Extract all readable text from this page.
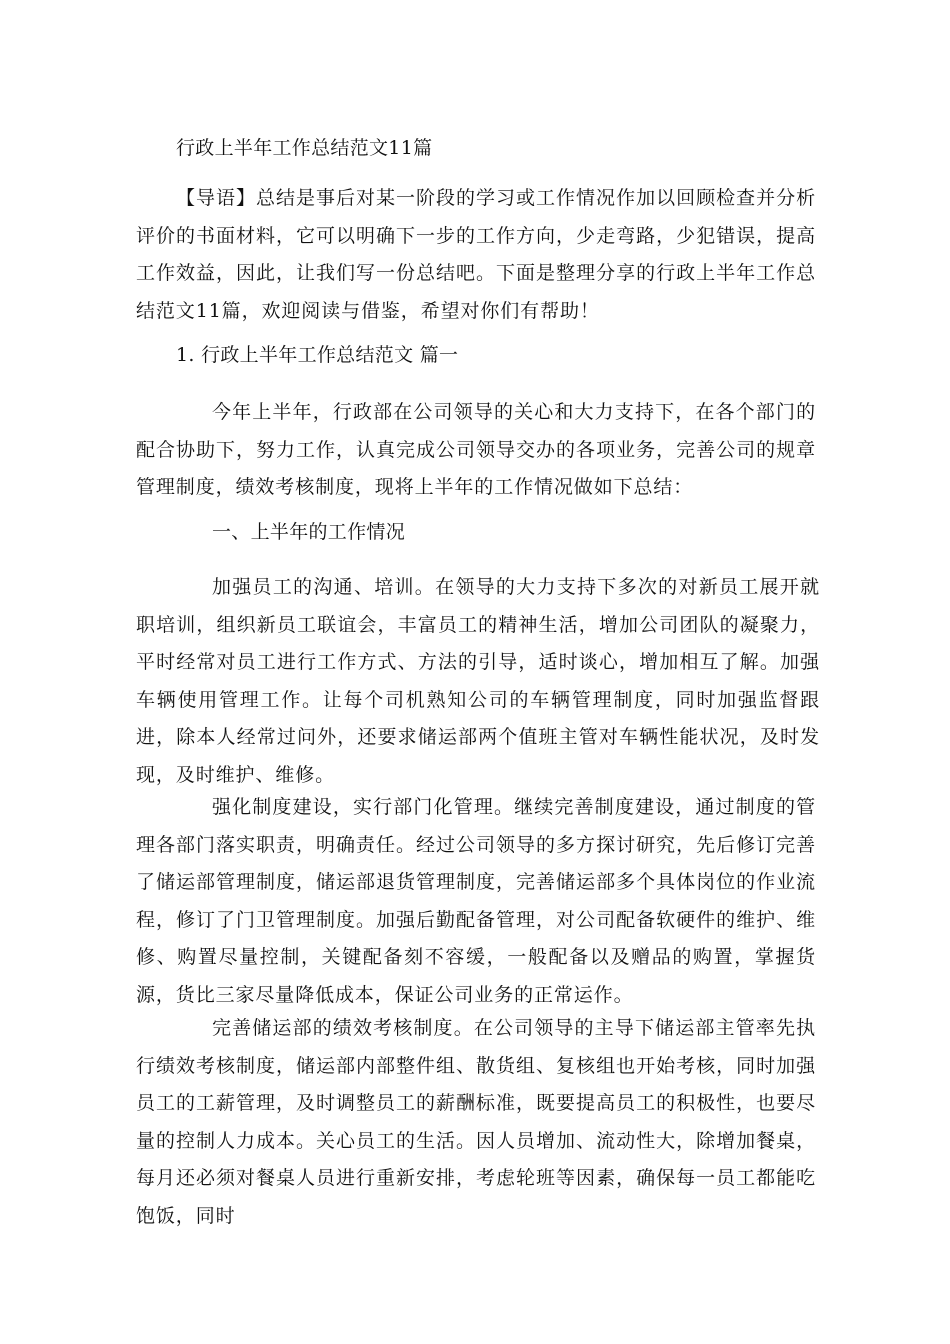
行政上半年工作总结范文11篇

【导语】总结是事后对某一阶段的学习或工作情况作加以回顾检查并分析评价的书面材料，它可以明确下一步的工作方向，少走弯路，少犯错误，提高工作效益，因此，让我们写一份总结吧。下面是整理分享的行政上半年工作总结范文11篇，欢迎阅读与借鉴，希望对你们有帮助！

1. 行政上半年工作总结范文 篇一

今年上半年，行政部在公司领导的关心和大力支持下，在各个部门的配合协助下，努力工作，认真完成公司领导交办的各项业务，完善公司的规章管理制度，绩效考核制度，现将上半年的工作情况做如下总结：

一、上半年的工作情况

加强员工的沟通、培训。在领导的大力支持下多次的对新员工展开就职培训，组织新员工联谊会，丰富员工的精神生活，增加公司团队的凝聚力，平时经常对员工进行工作方式、方法的引导，适时谈心，增加相互了解。加强车辆使用管理工作。让每个司机熟知公司的车辆管理制度，同时加强监督跟进，除本人经常过问外，还要求储运部两个值班主管对车辆性能状况，及时发现，及时维护、维修。

强化制度建设，实行部门化管理。继续完善制度建设，通过制度的管理各部门落实职责，明确责任。经过公司领导的多方探讨研究，先后修订完善了储运部管理制度，储运部退货管理制度，完善储运部多个具体岗位的作业流程，修订了门卫管理制度。加强后勤配备管理，对公司配备软硬件的维护、维修、购置尽量控制，关键配备刻不容缓，一般配备以及赠品的购置，掌握货源，货比三家尽量降低成本，保证公司业务的正常运作。

完善储运部的绩效考核制度。在公司领导的主导下储运部主管率先执行绩效考核制度，储运部内部整件组、散货组、复核组也开始考核，同时加强员工的工薪管理，及时调整员工的薪酬标准，既要提高员工的积极性，也要尽量的控制人力成本。关心员工的生活。因人员增加、流动性大，除增加餐桌，每月还必须对餐桌人员进行重新安排，考虑轮班等因素，确保每一员工都能吃饱饭，同时
